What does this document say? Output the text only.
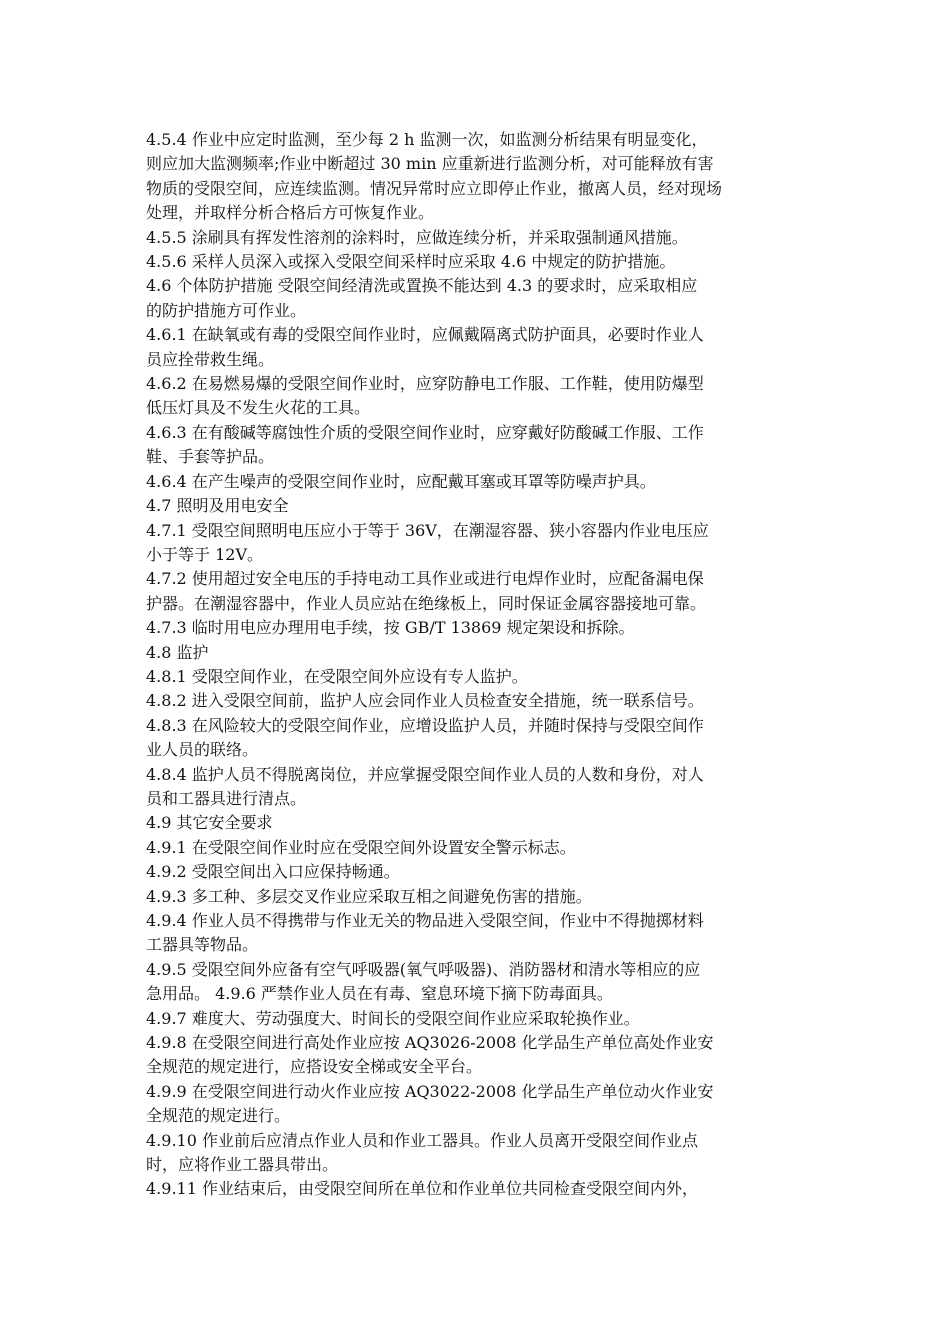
4.5.4 作业中应定时监测，至少每 2 h 监测一次，如监测分析结果有明显变化，
则应加大监测频率;作业中断超过 30 min 应重新进行监测分析，对可能释放有害
物质的受限空间，应连续监测。情况异常时应立即停止作业，撤离人员，经对现场
处理，并取样分析合格后方可恢复作业。

4.5.5 涂刷具有挥发性溶剂的涂料时，应做连续分析，并采取强制通风措施。

4.5.6 采样人员深入或探入受限空间采样时应采取 4.6 中规定的防护措施。

4.6 个体防护措施 受限空间经清洗或置换不能达到 4.3 的要求时，应采取相应
的防护措施方可作业。

4.6.1 在缺氧或有毒的受限空间作业时，应佩戴隔离式防护面具，必要时作业人
员应拴带救生绳。

4.6.2 在易燃易爆的受限空间作业时，应穿防静电工作服、工作鞋，使用防爆型
低压灯具及不发生火花的工具。

4.6.3 在有酸碱等腐蚀性介质的受限空间作业时，应穿戴好防酸碱工作服、工作
鞋、手套等护品。

4.6.4 在产生噪声的受限空间作业时，应配戴耳塞或耳罩等防噪声护具。

4.7 照明及用电安全

4.7.1 受限空间照明电压应小于等于 36V，在潮湿容器、狭小容器内作业电压应
小于等于 12V。

4.7.2 使用超过安全电压的手持电动工具作业或进行电焊作业时，应配备漏电保
护器。在潮湿容器中，作业人员应站在绝缘板上，同时保证金属容器接地可靠。

4.7.3 临时用电应办理用电手续，按 GB/T 13869 规定架设和拆除。

4.8 监护

4.8.1 受限空间作业，在受限空间外应设有专人监护。

4.8.2 进入受限空间前，监护人应会同作业人员检查安全措施，统一联系信号。

4.8.3 在风险较大的受限空间作业，应增设监护人员，并随时保持与受限空间作
业人员的联络。

4.8.4 监护人员不得脱离岗位，并应掌握受限空间作业人员的人数和身份，对人
员和工器具进行清点。

4.9 其它安全要求

4.9.1 在受限空间作业时应在受限空间外设置安全警示标志。

4.9.2 受限空间出入口应保持畅通。

4.9.3 多工种、多层交叉作业应采取互相之间避免伤害的措施。

4.9.4 作业人员不得携带与作业无关的物品进入受限空间，作业中不得抛掷材料
工器具等物品。

4.9.5 受限空间外应备有空气呼吸器(氧气呼吸器)、消防器材和清水等相应的应
急用品。 4.9.6 严禁作业人员在有毒、窒息环境下摘下防毒面具。

4.9.7 难度大、劳动强度大、时间长的受限空间作业应采取轮换作业。

4.9.8 在受限空间进行高处作业应按 AQ3026-2008 化学品生产单位高处作业安
全规范的规定进行，应搭设安全梯或安全平台。

4.9.9 在受限空间进行动火作业应按 AQ3022-2008 化学品生产单位动火作业安
全规范的规定进行。

4.9.10 作业前后应清点作业人员和作业工器具。作业人员离开受限空间作业点
时，应将作业工器具带出。

4.9.11 作业结束后，由受限空间所在单位和作业单位共同检查受限空间内外，
